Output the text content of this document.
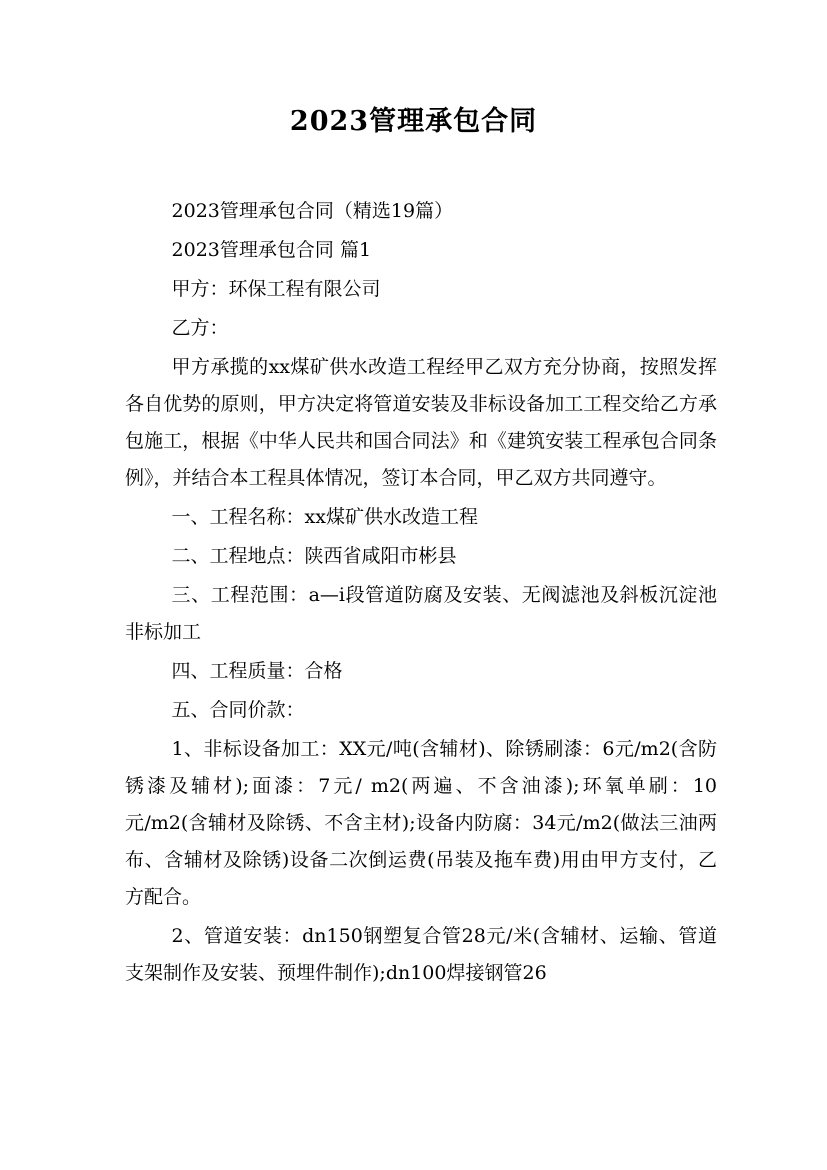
2023管理承包合同

2023管理承包合同（精选19篇）

2023管理承包合同 篇1

甲方：环保工程有限公司

乙方：

甲方承揽的xx煤矿供水改造工程经甲乙双方充分协商，按照发挥各自优势的原则，甲方决定将管道安装及非标设备加工工程交给乙方承包施工，根据《中华人民共和国合同法》和《建筑安装工程承包合同条例》，并结合本工程具体情况，签订本合同，甲乙双方共同遵守。

一、工程名称：xx煤矿供水改造工程

二、工程地点：陕西省咸阳市彬县

三、工程范围：a—i段管道防腐及安装、无阀滤池及斜板沉淀池非标加工

四、工程质量：合格

五、合同价款：

1、非标设备加工：XX元/吨(含辅材)、除锈刷漆：6元/m2(含防锈漆及辅材);面漆：7元/ m2(两遍、不含油漆);环氧单刷：10元/m2(含辅材及除锈、不含主材);设备内防腐：34元/m2(做法三油两布、含辅材及除锈)设备二次倒运费(吊装及拖车费)用由甲方支付，乙方配合。

2、管道安装：dn150钢塑复合管28元/米(含辅材、运输、管道支架制作及安装、预埋件制作);dn100焊接钢管26
